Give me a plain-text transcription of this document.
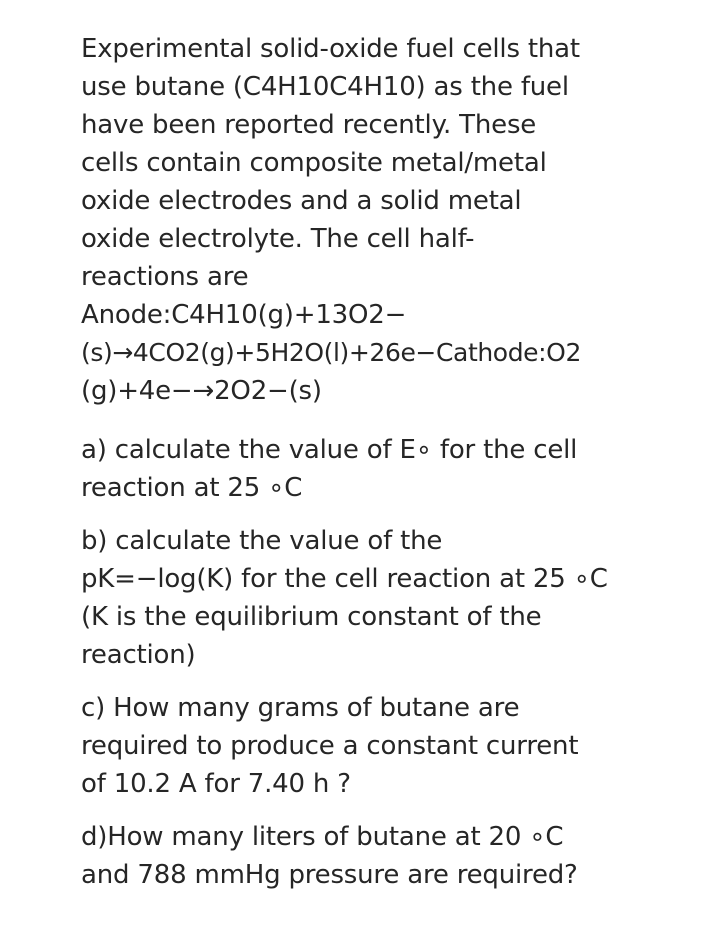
Experimental solid-oxide fuel cells that
use butane (C4H10C4H10) as the fuel
have been reported recently. These
cells contain composite metal/metal
oxide electrodes and a solid metal
oxide electrolyte. The cell half-
reactions are
Anode:C4H10(g)+13O2−
(s)→4CO2(g)+5H2O(l)+26e−Cathode:O2
(g)+4e−→2O2−(s)
a) calculate the value of E∘ for the cell
reaction at 25 ∘C
b) calculate the value of the
pK=−log(K) for the cell reaction at 25 ∘C
(K is the equilibrium constant of the
reaction)
c) How many grams of butane are
required to produce a constant current
of 10.2 A for 7.40 h ?
d)How many liters of butane at 20 ∘C
and 788 mmHg pressure are required?
